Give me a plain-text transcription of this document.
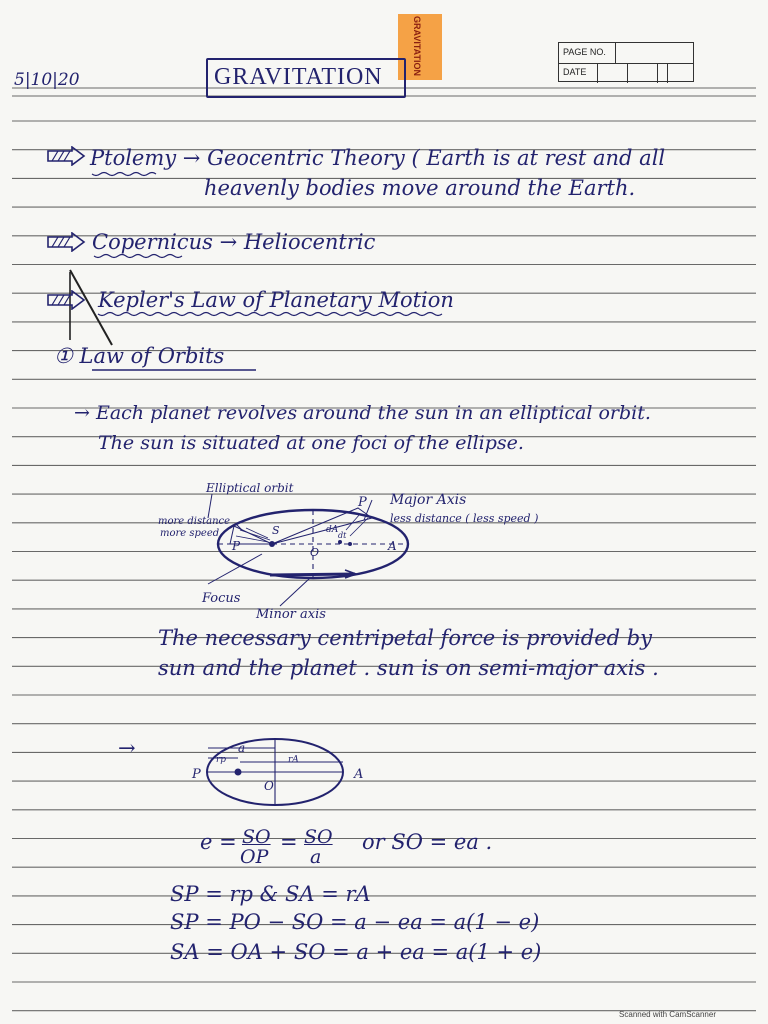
GRAVITATION
5|10|20	GRAVITATION
PAGE NO.
DATE
Ptolemy → Geocentric Theory ( Earth is at rest and all
heavenly bodies move around the Earth.
Copernicus → Heliocentric
Kepler's Law of Planetary Motion
① Law of Orbits
→ Each planet revolves around the sun in an elliptical orbit.
The sun is situated at one foci of the ellipse.
Elliptical orbit
Major Axis
less distance ( less speed )
more distance
more speed
P
P
S
O	A
dA
dt
Focus
Minor axis
The necessary centripetal force is provided by
sun and the planet . sun is on semi-major axis .
→	a
rp	rA
P
O
A
e = SO
OP
= SO
a
or SO = ea .
SP = rp & SA = rA
SP = PO − SO = a − ea = a(1 − e)
SA = OA + SO = a + ea = a(1 + e)
Scanned with CamScanner
